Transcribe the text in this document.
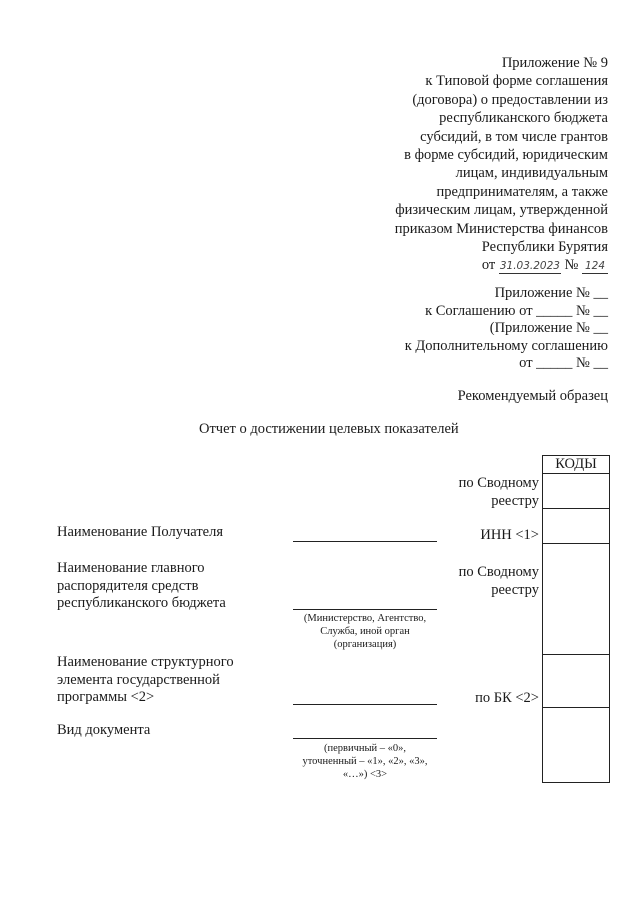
Приложение № 9
к Типовой форме соглашения
(договора) о предоставлении из
республиканского бюджета
субсидий, в том числе грантов
в форме субсидий, юридическим
лицам, индивидуальным
предпринимателям, а также
физическим лицам, утвержденной
приказом Министерства финансов
Республики Бурятия
от 31.03.2023 № 124
Приложение № __
к Соглашению от _____ № __
(Приложение № __
к Дополнительному соглашению
от _____ № __
Рекомендуемый образец
Отчет о достижении целевых показателей
КОДЫ
по Сводному
реестру
ИНН <1>
по Сводному
реестру
по БК <2>
Наименование Получателя
Наименование главного
распорядителя средств
республиканского бюджета
(Министерство, Агентство,
Служба, иной орган
(организация)
Наименование структурного
элемента государственной
программы <2>
Вид документа
(первичный – «0»,
уточненный – «1», «2», «3»,
«…») <3>
